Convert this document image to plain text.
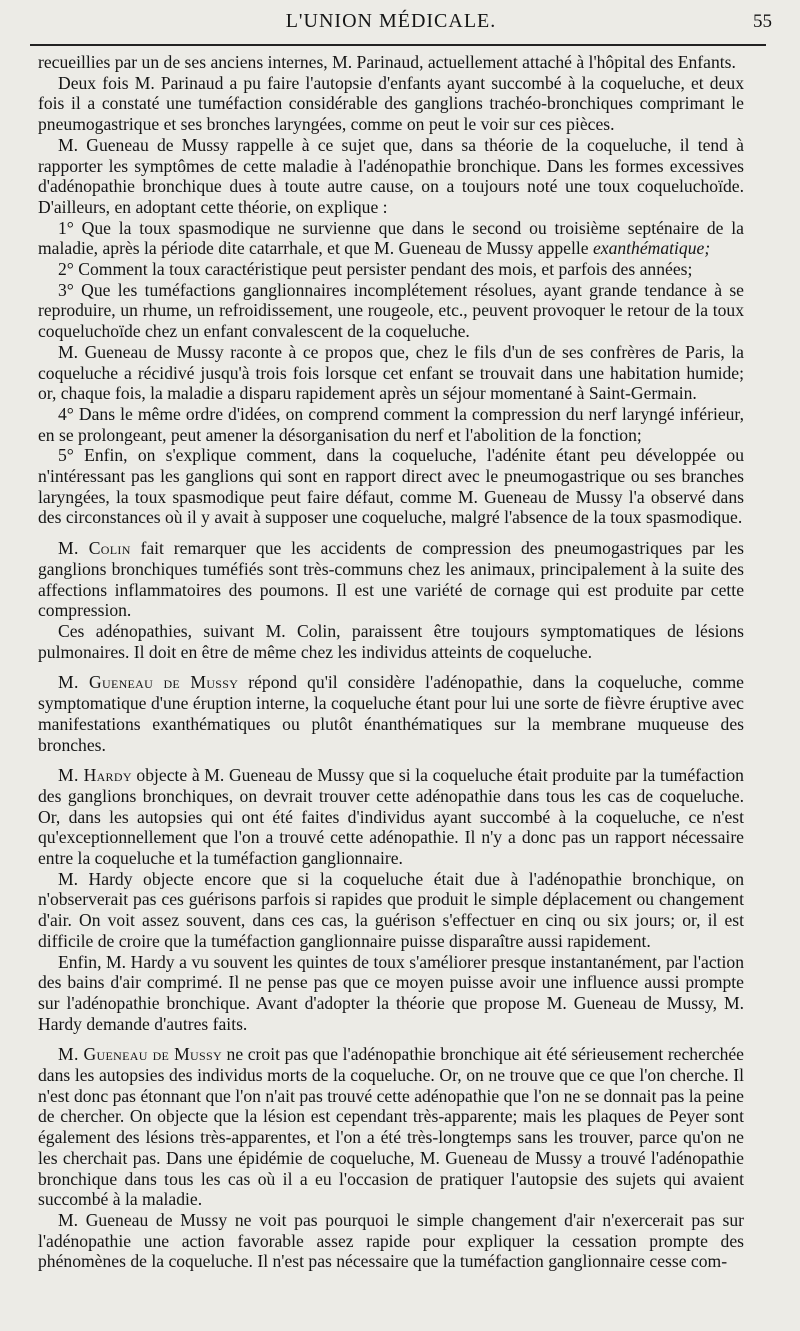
L'UNION MÉDICALE.	55

recueillies par un de ses anciens internes, M. Parinaud, actuellement attaché à l'hôpital des Enfants.

Deux fois M. Parinaud a pu faire l'autopsie d'enfants ayant succombé à la coqueluche, et deux fois il a constaté une tuméfaction considérable des ganglions trachéo-bronchiques comprimant le pneumogastrique et ses bronches laryngées, comme on peut le voir sur ces pièces.

M. Gueneau de Mussy rappelle à ce sujet que, dans sa théorie de la coqueluche, il tend à rapporter les symptômes de cette maladie à l'adénopathie bronchique. Dans les formes excessives d'adénopathie bronchique dues à toute autre cause, on a toujours noté une toux coqueluchoïde. D'ailleurs, en adoptant cette théorie, on explique :

1° Que la toux spasmodique ne survienne que dans le second ou troisième septénaire de la maladie, après la période dite catarrhale, et que M. Gueneau de Mussy appelle exanthématique;

2° Comment la toux caractéristique peut persister pendant des mois, et parfois des années;

3° Que les tuméfactions ganglionnaires incomplétement résolues, ayant grande tendance à se reproduire, un rhume, un refroidissement, une rougeole, etc., peuvent provoquer le retour de la toux coqueluchoïde chez un enfant convalescent de la coqueluche.

M. Gueneau de Mussy raconte à ce propos que, chez le fils d'un de ses confrères de Paris, la coqueluche a récidivé jusqu'à trois fois lorsque cet enfant se trouvait dans une habitation humide; or, chaque fois, la maladie a disparu rapidement après un séjour momentané à Saint-Germain.

4° Dans le même ordre d'idées, on comprend comment la compression du nerf laryngé inférieur, en se prolongeant, peut amener la désorganisation du nerf et l'abolition de la fonction;

5° Enfin, on s'explique comment, dans la coqueluche, l'adénite étant peu développée ou n'intéressant pas les ganglions qui sont en rapport direct avec le pneumogastrique ou ses branches laryngées, la toux spasmodique peut faire défaut, comme M. Gueneau de Mussy l'a observé dans des circonstances où il y avait à supposer une coqueluche, malgré l'absence de la toux spasmodique.

M. Colin fait remarquer que les accidents de compression des pneumogastriques par les ganglions bronchiques tuméfiés sont très-communs chez les animaux, principalement à la suite des affections inflammatoires des poumons. Il est une variété de cornage qui est produite par cette compression.

Ces adénopathies, suivant M. Colin, paraissent être toujours symptomatiques de lésions pulmonaires. Il doit en être de même chez les individus atteints de coqueluche.

M. Gueneau de Mussy répond qu'il considère l'adénopathie, dans la coqueluche, comme symptomatique d'une éruption interne, la coqueluche étant pour lui une sorte de fièvre éruptive avec manifestations exanthématiques ou plutôt énanthématiques sur la membrane muqueuse des bronches.

M. Hardy objecte à M. Gueneau de Mussy que si la coqueluche était produite par la tuméfaction des ganglions bronchiques, on devrait trouver cette adénopathie dans tous les cas de coqueluche. Or, dans les autopsies qui ont été faites d'individus ayant succombé à la coqueluche, ce n'est qu'exceptionnellement que l'on a trouvé cette adénopathie. Il n'y a donc pas un rapport nécessaire entre la coqueluche et la tuméfaction ganglionnaire.

M. Hardy objecte encore que si la coqueluche était due à l'adénopathie bronchique, on n'observerait pas ces guérisons parfois si rapides que produit le simple déplacement ou changement d'air. On voit assez souvent, dans ces cas, la guérison s'effectuer en cinq ou six jours; or, il est difficile de croire que la tuméfaction ganglionnaire puisse disparaître aussi rapidement.

Enfin, M. Hardy a vu souvent les quintes de toux s'améliorer presque instantanément, par l'action des bains d'air comprimé. Il ne pense pas que ce moyen puisse avoir une influence aussi prompte sur l'adénopathie bronchique. Avant d'adopter la théorie que propose M. Gueneau de Mussy, M. Hardy demande d'autres faits.

M. Gueneau de Mussy ne croit pas que l'adénopathie bronchique ait été sérieusement recherchée dans les autopsies des individus morts de la coqueluche. Or, on ne trouve que ce que l'on cherche. Il n'est donc pas étonnant que l'on n'ait pas trouvé cette adénopathie que l'on ne se donnait pas la peine de chercher. On objecte que la lésion est cependant très-apparente; mais les plaques de Peyer sont également des lésions très-apparentes, et l'on a été très-longtemps sans les trouver, parce qu'on ne les cherchait pas. Dans une épidémie de coqueluche, M. Gueneau de Mussy a trouvé l'adénopathie bronchique dans tous les cas où il a eu l'occasion de pratiquer l'autopsie des sujets qui avaient succombé à la maladie.

M. Gueneau de Mussy ne voit pas pourquoi le simple changement d'air n'exercerait pas sur l'adénopathie une action favorable assez rapide pour expliquer la cessation prompte des phénomènes de la coqueluche. Il n'est pas nécessaire que la tuméfaction ganglionnaire cesse com-
